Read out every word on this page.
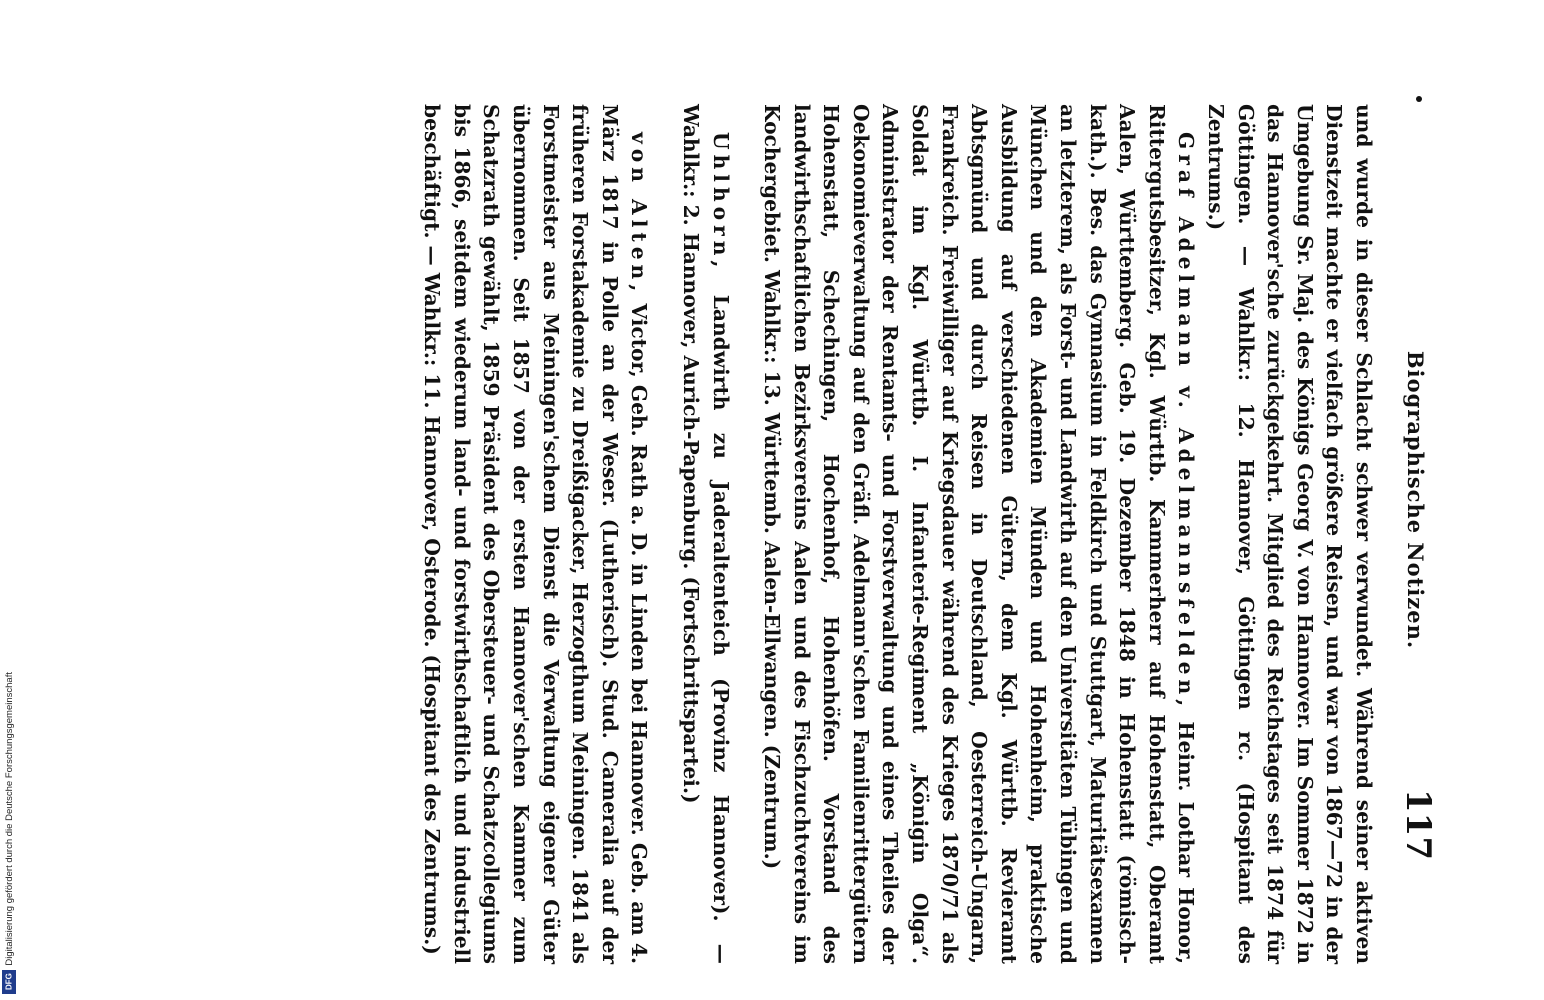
Biographische Notizen.
117

und wurde in dieser Schlacht schwer verwundet. Während seiner aktiven Dienstzeit machte er vielfach größere Reisen, und war von 1867—72 in der Umgebung Sr. Maj. des Königs Georg V. von Hannover. Im Sommer 1872 in das Hannover'sche zurückgekehrt. Mitglied des Reichstages seit 1874 für Göttingen. — Wahlkr.: 12. Hannover, Göttingen rc. (Hospitant des Zentrums.)

Graf Adelmann v. Adelmannsfelden, Heinr. Lothar Honor, Rittergutsbesitzer, Kgl. Württb. Kammerherr auf Hohenstatt, Oberamt Aalen, Württemberg. Geb. 19. Dezember 1848 in Hohenstatt (römisch-kath.). Bes. das Gymnasium in Feldkirch und Stuttgart, Maturitätsexamen an letzterem, als Forst- und Landwirth auf den Universitäten Tübingen und München und den Akademien Münden und Hohenheim, praktische Ausbildung auf verschiedenen Gütern, dem Kgl. Württb. Revieramt Abtsgmünd und durch Reisen in Deutschland, Oesterreich-Ungarn, Frankreich. Freiwilliger auf Kriegsdauer während des Krieges 1870/71 als Soldat im Kgl. Württb. I. Infanterie-Regiment „Königin Olga“. Administrator der Rentamts- und Forstverwaltung und eines Theiles der Oekonomieverwaltung auf den Gräfl. Adelmann'schen Familienrittergütern Hohenstatt, Schechingen, Hochenhof, Hohenhöfen. Vorstand des landwirthschaftlichen Bezirksvereins Aalen und des Fischzuchtvereins im Kochergebiet. Wahlkr.: 13. Württemb. Aalen-Ellwangen. (Zentrum.)

Uhlhorn, Landwirth zu Jaderaltenteich (Provinz Hannover). — Wahlkr.: 2. Hannover, Aurich-Papenburg. (Fortschrittspartei.)

von Alten, Victor, Geh. Rath a. D. in Linden bei Hannover. Geb. am 4. März 1817 in Polle an der Weser. (Lutherisch). Stud. Cameralia auf der früheren Forstakademie zu Dreißigacker, Herzogthum Meiningen. 1841 als Forstmeister aus Meiningen'schem Dienst die Verwaltung eigener Güter übernommen. Seit 1857 von der ersten Hannover'schen Kammer zum Schatzrath gewählt, 1859 Präsident des Obersteuer- und Schatzcollegiums bis 1866, seitdem wiederum land- und forstwirthschaftlich und industriell beschäftigt. — Wahlkr.: 11. Hannover, Osterode. (Hospitant des Zentrums.)

Digitalisierung gefördert durch die Deutsche Forschungsgemeinschaft
DFG
